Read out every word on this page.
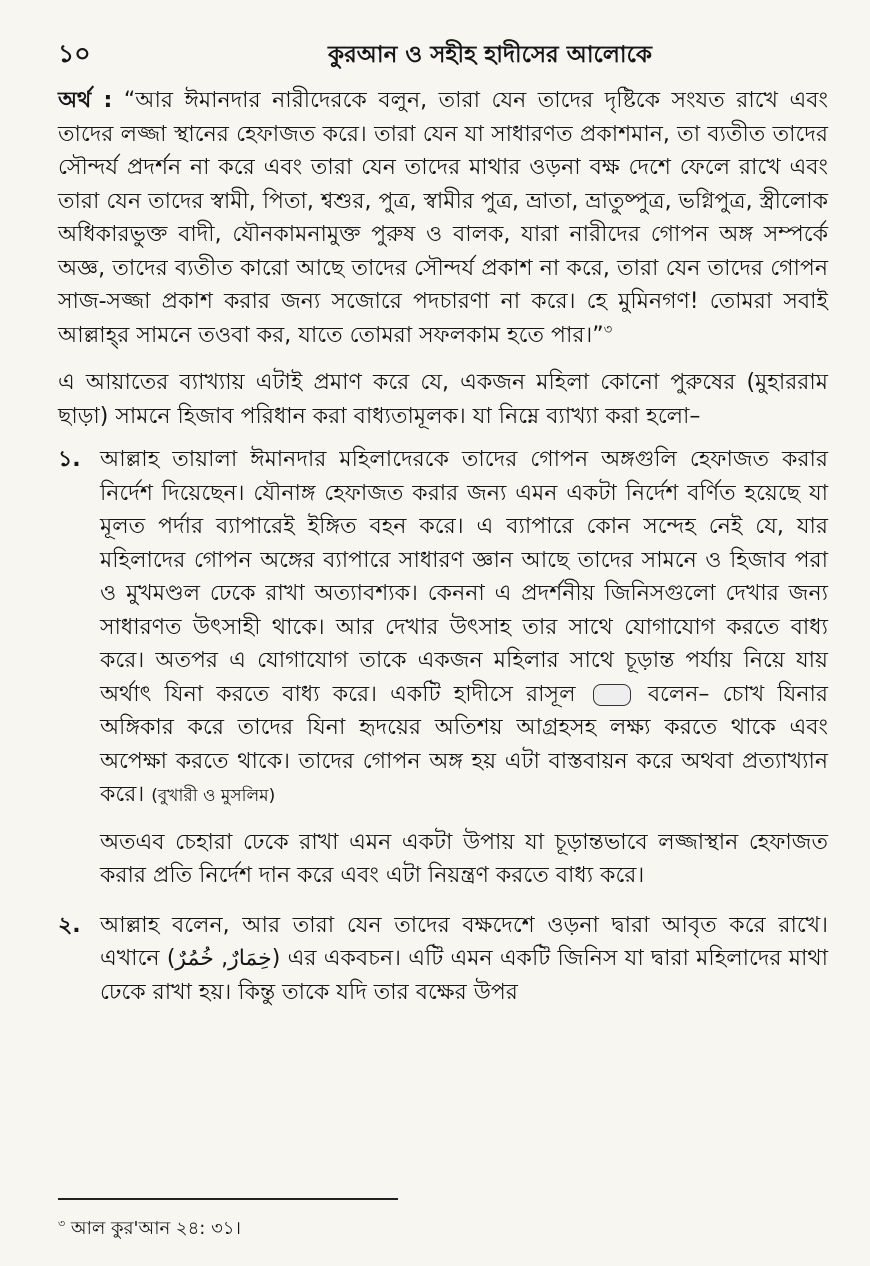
১০	কুরআন ও সহীহ হাদীসের আলোকে

অর্থ : “আর ঈমানদার নারীদেরকে বলুন, তারা যেন তাদের দৃষ্টিকে সংযত রাখে এবং তাদের লজ্জা স্থানের হেফাজত করে। তারা যেন যা সাধারণত প্রকাশমান, তা ব্যতীত তাদের সৌন্দর্য প্রদর্শন না করে এবং তারা যেন তাদের মাথার ওড়না বক্ষ দেশে ফেলে রাখে এবং তারা যেন তাদের স্বামী, পিতা, শ্বশুর, পুত্র, স্বামীর পুত্র, ভ্রাতা, ভ্রাতুষ্পুত্র, ভগ্নিপুত্র, স্ত্রীলোক অধিকারভুক্ত বাদী, যৌনকামনামুক্ত পুরুষ ও বালক, যারা নারীদের গোপন অঙ্গ সম্পর্কে অজ্ঞ, তাদের ব্যতীত কারো আছে তাদের সৌন্দর্য প্রকাশ না করে, তারা যেন তাদের গোপন সাজ-সজ্জা প্রকাশ করার জন্য সজোরে পদচারণা না করে। হে মুমিনগণ! তোমরা সবাই আল্লাহ্‌র সামনে তওবা কর, যাতে তোমরা সফলকাম হতে পার।”$^৩$

এ আয়াতের ব্যাখ্যায় এটাই প্রমাণ করে যে, একজন মহিলা কোনো পুরুষের (মুহাররাম ছাড়া) সামনে হিজাব পরিধান করা বাধ্যতামূলক। যা নিম্নে ব্যাখ্যা করা হলো–

১. আল্লাহ তায়ালা ঈমানদার মহিলাদেরকে তাদের গোপন অঙ্গগুলি হেফাজত করার নির্দেশ দিয়েছেন। যৌনাঙ্গ হেফাজত করার জন্য এমন একটা নির্দেশ বর্ণিত হয়েছে যা মূলত পর্দার ব্যাপারেই ইঙ্গিত বহন করে। এ ব্যাপারে কোন সন্দেহ নেই যে, যার মহিলাদের গোপন অঙ্গের ব্যাপারে সাধারণ জ্ঞান আছে তাদের সামনে ও হিজাব পরা ও মুখমণ্ডল ঢেকে রাখা অত্যাবশ্যক। কেননা এ প্রদর্শনীয় জিনিসগুলো দেখার জন্য সাধারণত উৎসাহী থাকে। আর দেখার উৎসাহ তার সাথে যোগাযোগ করতে বাধ্য করে। অতপর এ যোগাযোগ তাকে একজন মহিলার সাথে চূড়ান্ত পর্যায় নিয়ে যায় অর্থাৎ যিনা করতে বাধ্য করে। একটি হাদীসে রাসূল	বলেন– চোখ যিনার অঙ্গিকার করে তাদের যিনা হৃদয়ের অতিশয় আগ্রহসহ লক্ষ্য করতে থাকে এবং অপেক্ষা করতে থাকে। তাদের গোপন অঙ্গ হয় এটা বাস্তবায়ন করে অথবা প্রত্যাখ্যান করে। (বুখারী ও মুসলিম)

অতএব চেহারা ঢেকে রাখা এমন একটা উপায় যা চূড়ান্তভাবে লজ্জাস্থান হেফাজত করার প্রতি নির্দেশ দান করে এবং এটা নিয়ন্ত্রণ করতে বাধ্য করে।

২. আল্লাহ বলেন, আর তারা যেন তাদের বক্ষদেশে ওড়না দ্বারা আবৃত করে রাখে। এখানে (خِمَارٌ, خُمُرٌ) এর একবচন। এটি এমন একটি জিনিস যা দ্বারা মহিলাদের মাথা ঢেকে রাখা হয়। কিন্তু তাকে যদি তার বক্ষের উপর

$^৩$ আল কুর'আন ২৪: ৩১।
